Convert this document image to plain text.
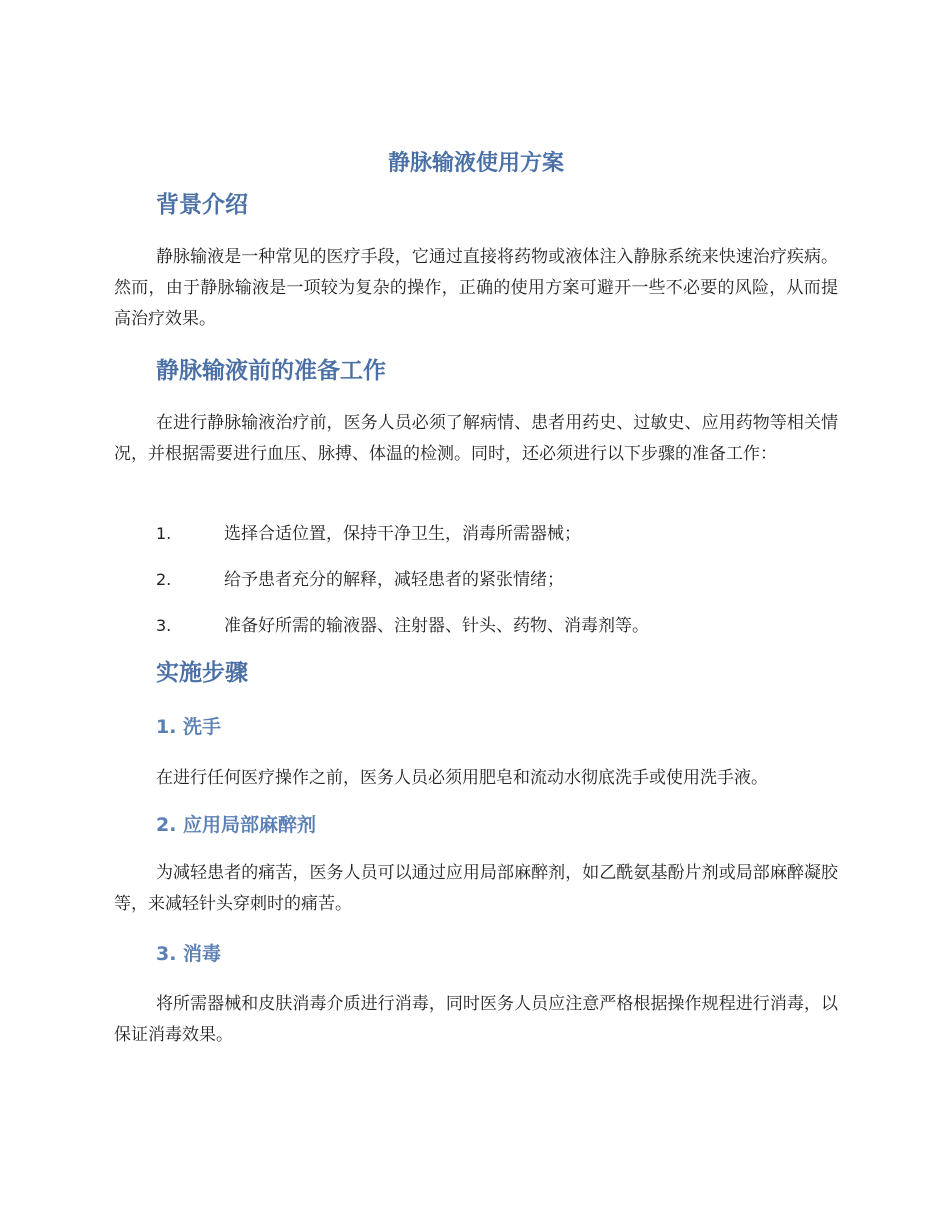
静脉输液使用方案
背景介绍

静脉输液是一种常见的医疗手段，它通过直接将药物或液体注入静脉系统来快速治疗疾病。然而，由于静脉输液是一项较为复杂的操作，正确的使用方案可避开一些不必要的风险，从而提高治疗效果。

静脉输液前的准备工作

在进行静脉输液治疗前，医务人员必须了解病情、患者用药史、过敏史、应用药物等相关情况，并根据需要进行血压、脉搏、体温的检测。同时，还必须进行以下步骤的准备工作：

1.	选择合适位置，保持干净卫生，消毒所需器械；
2.	给予患者充分的解释，减轻患者的紧张情绪；
3.	准备好所需的输液器、注射器、针头、药物、消毒剂等。
实施步骤
1. 洗手

在进行任何医疗操作之前，医务人员必须用肥皂和流动水彻底洗手或使用洗手液。

2. 应用局部麻醉剂

为减轻患者的痛苦，医务人员可以通过应用局部麻醉剂，如乙酰氨基酚片剂或局部麻醉凝胶等，来减轻针头穿刺时的痛苦。

3. 消毒

将所需器械和皮肤消毒介质进行消毒，同时医务人员应注意严格根据操作规程进行消毒，以保证消毒效果。
